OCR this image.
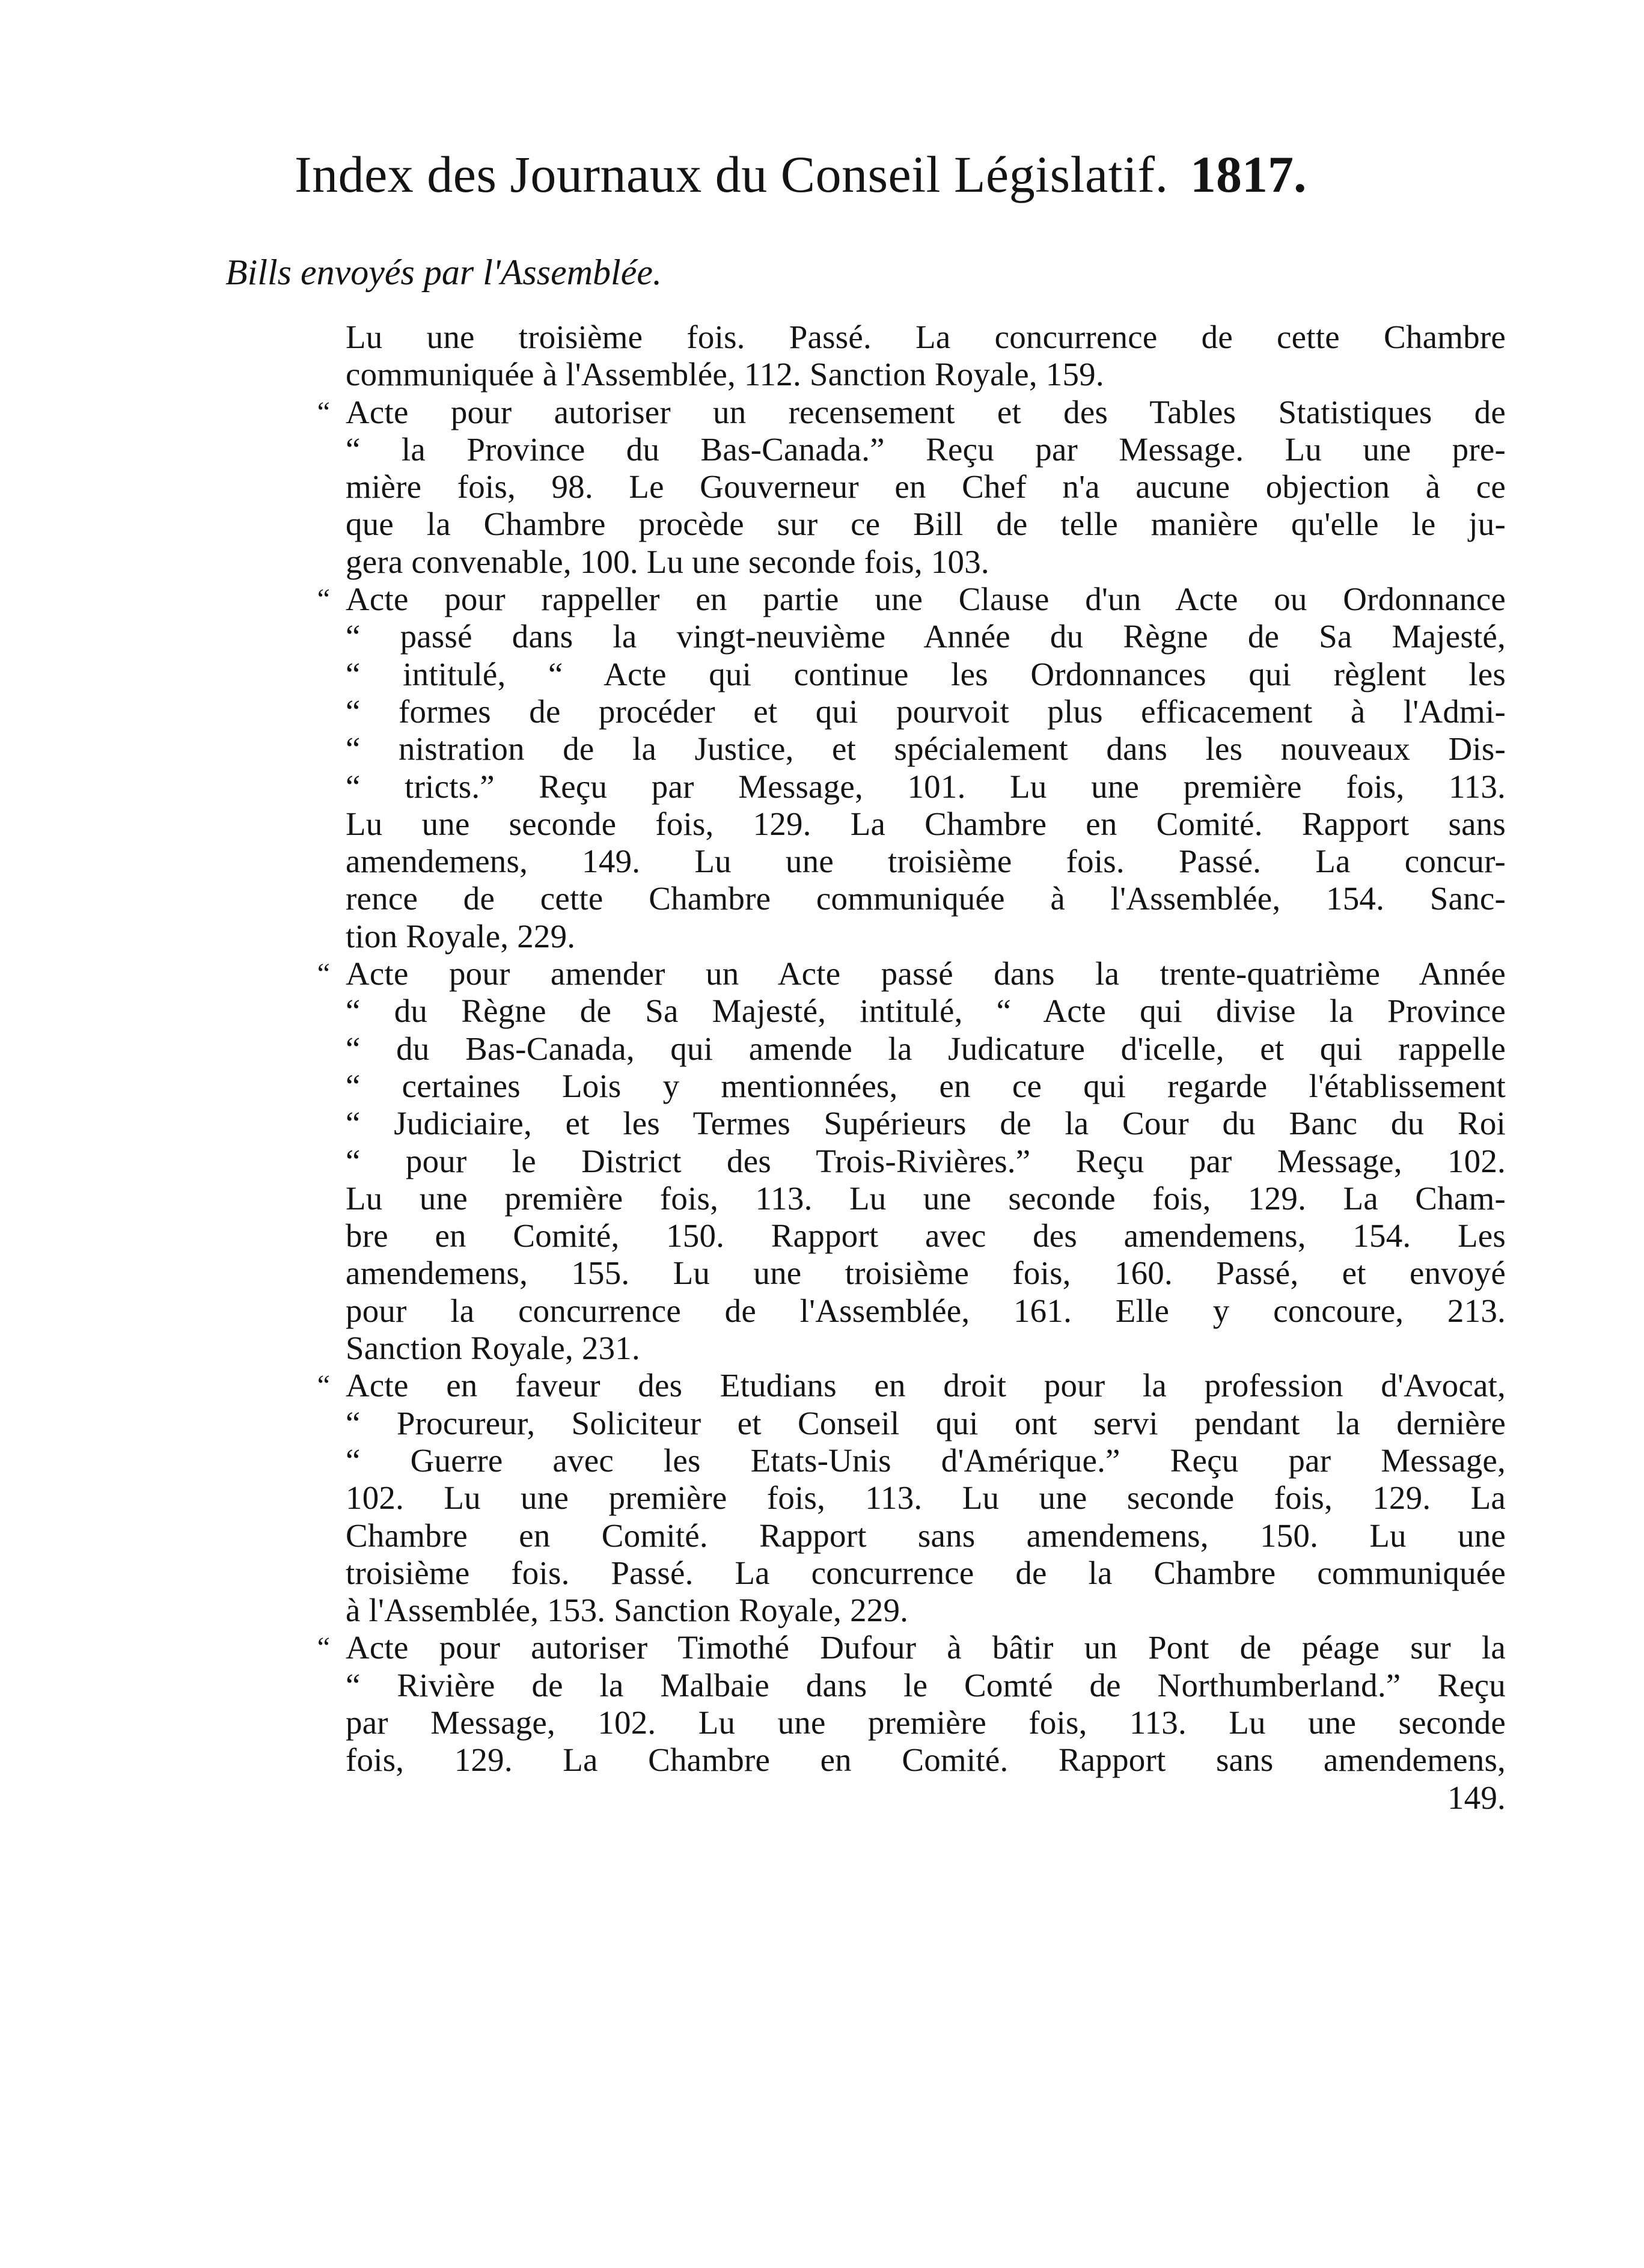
Index des Journaux du Conseil Législatif. 1817.
Bills envoyés par l'Assemblée.
Lu une troisième fois. Passé. La concurrence de cette Chambre
communiquée à l'Assemblée, 112. Sanction Royale, 159.
“ Acte pour autoriser un recensement et des Tables Statistiques de
“ la Province du Bas-Canada.” Reçu par Message. Lu une pre-
mière fois, 98. Le Gouverneur en Chef n'a aucune objection à ce
que la Chambre procède sur ce Bill de telle manière qu'elle le ju-
gera convenable, 100. Lu une seconde fois, 103.
“ Acte pour rappeller en partie une Clause d'un Acte ou Ordonnance
“ passé dans la vingt-neuvième Année du Règne de Sa Majesté,
“ intitulé, “ Acte qui continue les Ordonnances qui règlent les
“ formes de procéder et qui pourvoit plus efficacement à l'Admi-
“ nistration de la Justice, et spécialement dans les nouveaux Dis-
“ tricts.” Reçu par Message, 101. Lu une première fois, 113.
Lu une seconde fois, 129. La Chambre en Comité. Rapport sans
amendemens, 149. Lu une troisième fois. Passé. La concur-
rence de cette Chambre communiquée à l'Assemblée, 154. Sanc-
tion Royale, 229.
“ Acte pour amender un Acte passé dans la trente-quatrième Année
“ du Règne de Sa Majesté, intitulé, “ Acte qui divise la Province
“ du Bas-Canada, qui amende la Judicature d'icelle, et qui rappelle
“ certaines Lois y mentionnées, en ce qui regarde l'établissement
“ Judiciaire, et les Termes Supérieurs de la Cour du Banc du Roi
“ pour le District des Trois-Rivières.” Reçu par Message, 102.
Lu une première fois, 113. Lu une seconde fois, 129. La Cham-
bre en Comité, 150. Rapport avec des amendemens, 154. Les
amendemens, 155. Lu une troisième fois, 160. Passé, et envoyé
pour la concurrence de l'Assemblée, 161. Elle y concoure, 213.
Sanction Royale, 231.
“ Acte en faveur des Etudians en droit pour la profession d'Avocat,
“ Procureur, Soliciteur et Conseil qui ont servi pendant la dernière
“ Guerre avec les Etats-Unis d'Amérique.” Reçu par Message,
102. Lu une première fois, 113. Lu une seconde fois, 129. La
Chambre en Comité. Rapport sans amendemens, 150. Lu une
troisième fois. Passé. La concurrence de la Chambre communiquée
à l'Assemblée, 153. Sanction Royale, 229.
“ Acte pour autoriser Timothé Dufour à bâtir un Pont de péage sur la
“ Rivière de la Malbaie dans le Comté de Northumberland.” Reçu
par Message, 102. Lu une première fois, 113. Lu une seconde
fois, 129. La Chambre en Comité. Rapport sans amendemens,
149.
